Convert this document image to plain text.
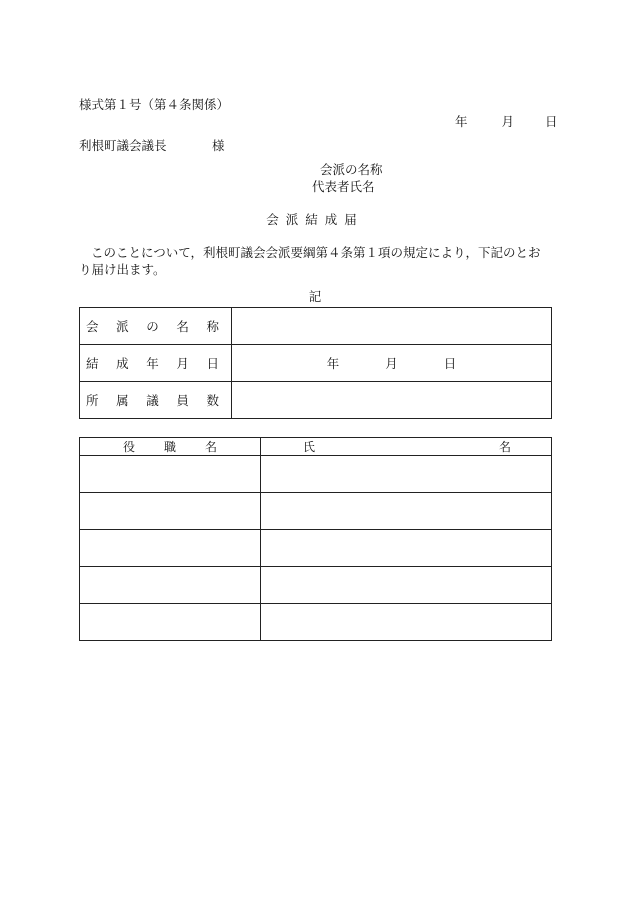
様式第１号（第４条関係）
年	月 日
利根町議会議長	様
会派の名称
代表者氏名
会派結成届
このことについて，利根町議会会派要綱第４条第１項の規定により，下記のとおり届け出ます。
記
会 派 の 名 称	

結 成 年 月 日	年 月 日

所 属 議 員 数	

役 職 名	氏 名
